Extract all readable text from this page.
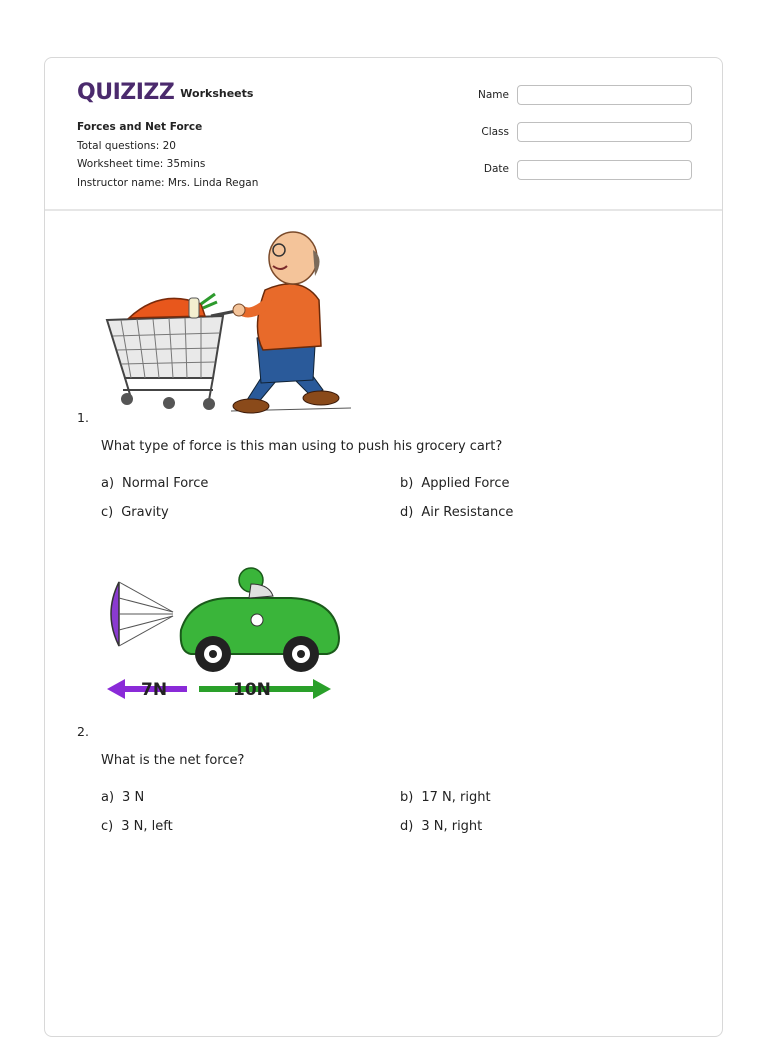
QUIZIZZ Worksheets
Forces and Net Force
Total questions: 20
Worksheet time: 35mins
Instructor name: Mrs. Linda Regan
Name
Class
Date
1.
What type of force is this man using to push his grocery cart?
a) Normal Force	b) Applied Force
c) Gravity	d) Air Resistance
7N	10N
2.
What is the net force?
a) 3 N	b) 17 N, right
c) 3 N, left	d) 3 N, right
